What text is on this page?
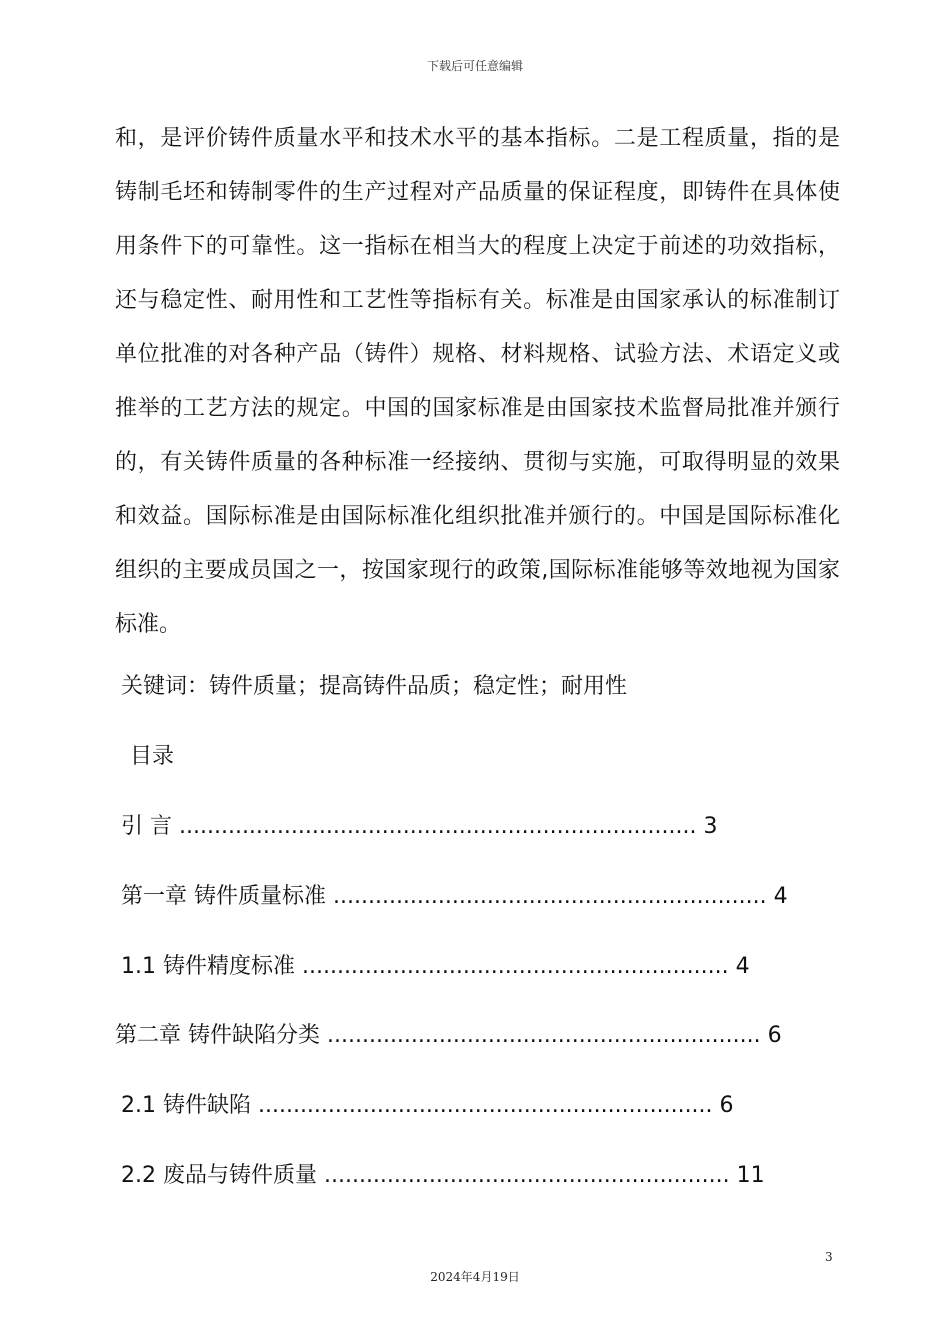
下载后可任意编辑

和，是评价铸件质量水平和技术水平的基本指标。二是工程质量，指的是铸制毛坯和铸制零件的生产过程对产品质量的保证程度，即铸件在具体使用条件下的可靠性。这一指标在相当大的程度上决定于前述的功效指标，还与稳定性、耐用性和工艺性等指标有关。标准是由国家承认的标准制订单位批准的对各种产品（铸件）规格、材料规格、试验方法、术语定义或推举的工艺方法的规定。中国的国家标准是由国家技术监督局批准并颁行的，有关铸件质量的各种标准一经接纳、贯彻与实施，可取得明显的效果和效益。国际标准是由国际标准化组织批准并颁行的。中国是国际标准化组织的主要成员国之一，按国家现行的政策,国际标准能够等效地视为国家标准。

关键词：铸件质量；提高铸件品质；稳定性；耐用性
目录
引 言 .......................................................................... 3
第一章 铸件质量标准 .............................................................. 4
1.1 铸件精度标准 ............................................................. 4
第二章 铸件缺陷分类 .............................................................. 6
2.1 铸件缺陷 ................................................................. 6
2.2 废品与铸件质量 .......................................................... 11
3
2024年4月19日
